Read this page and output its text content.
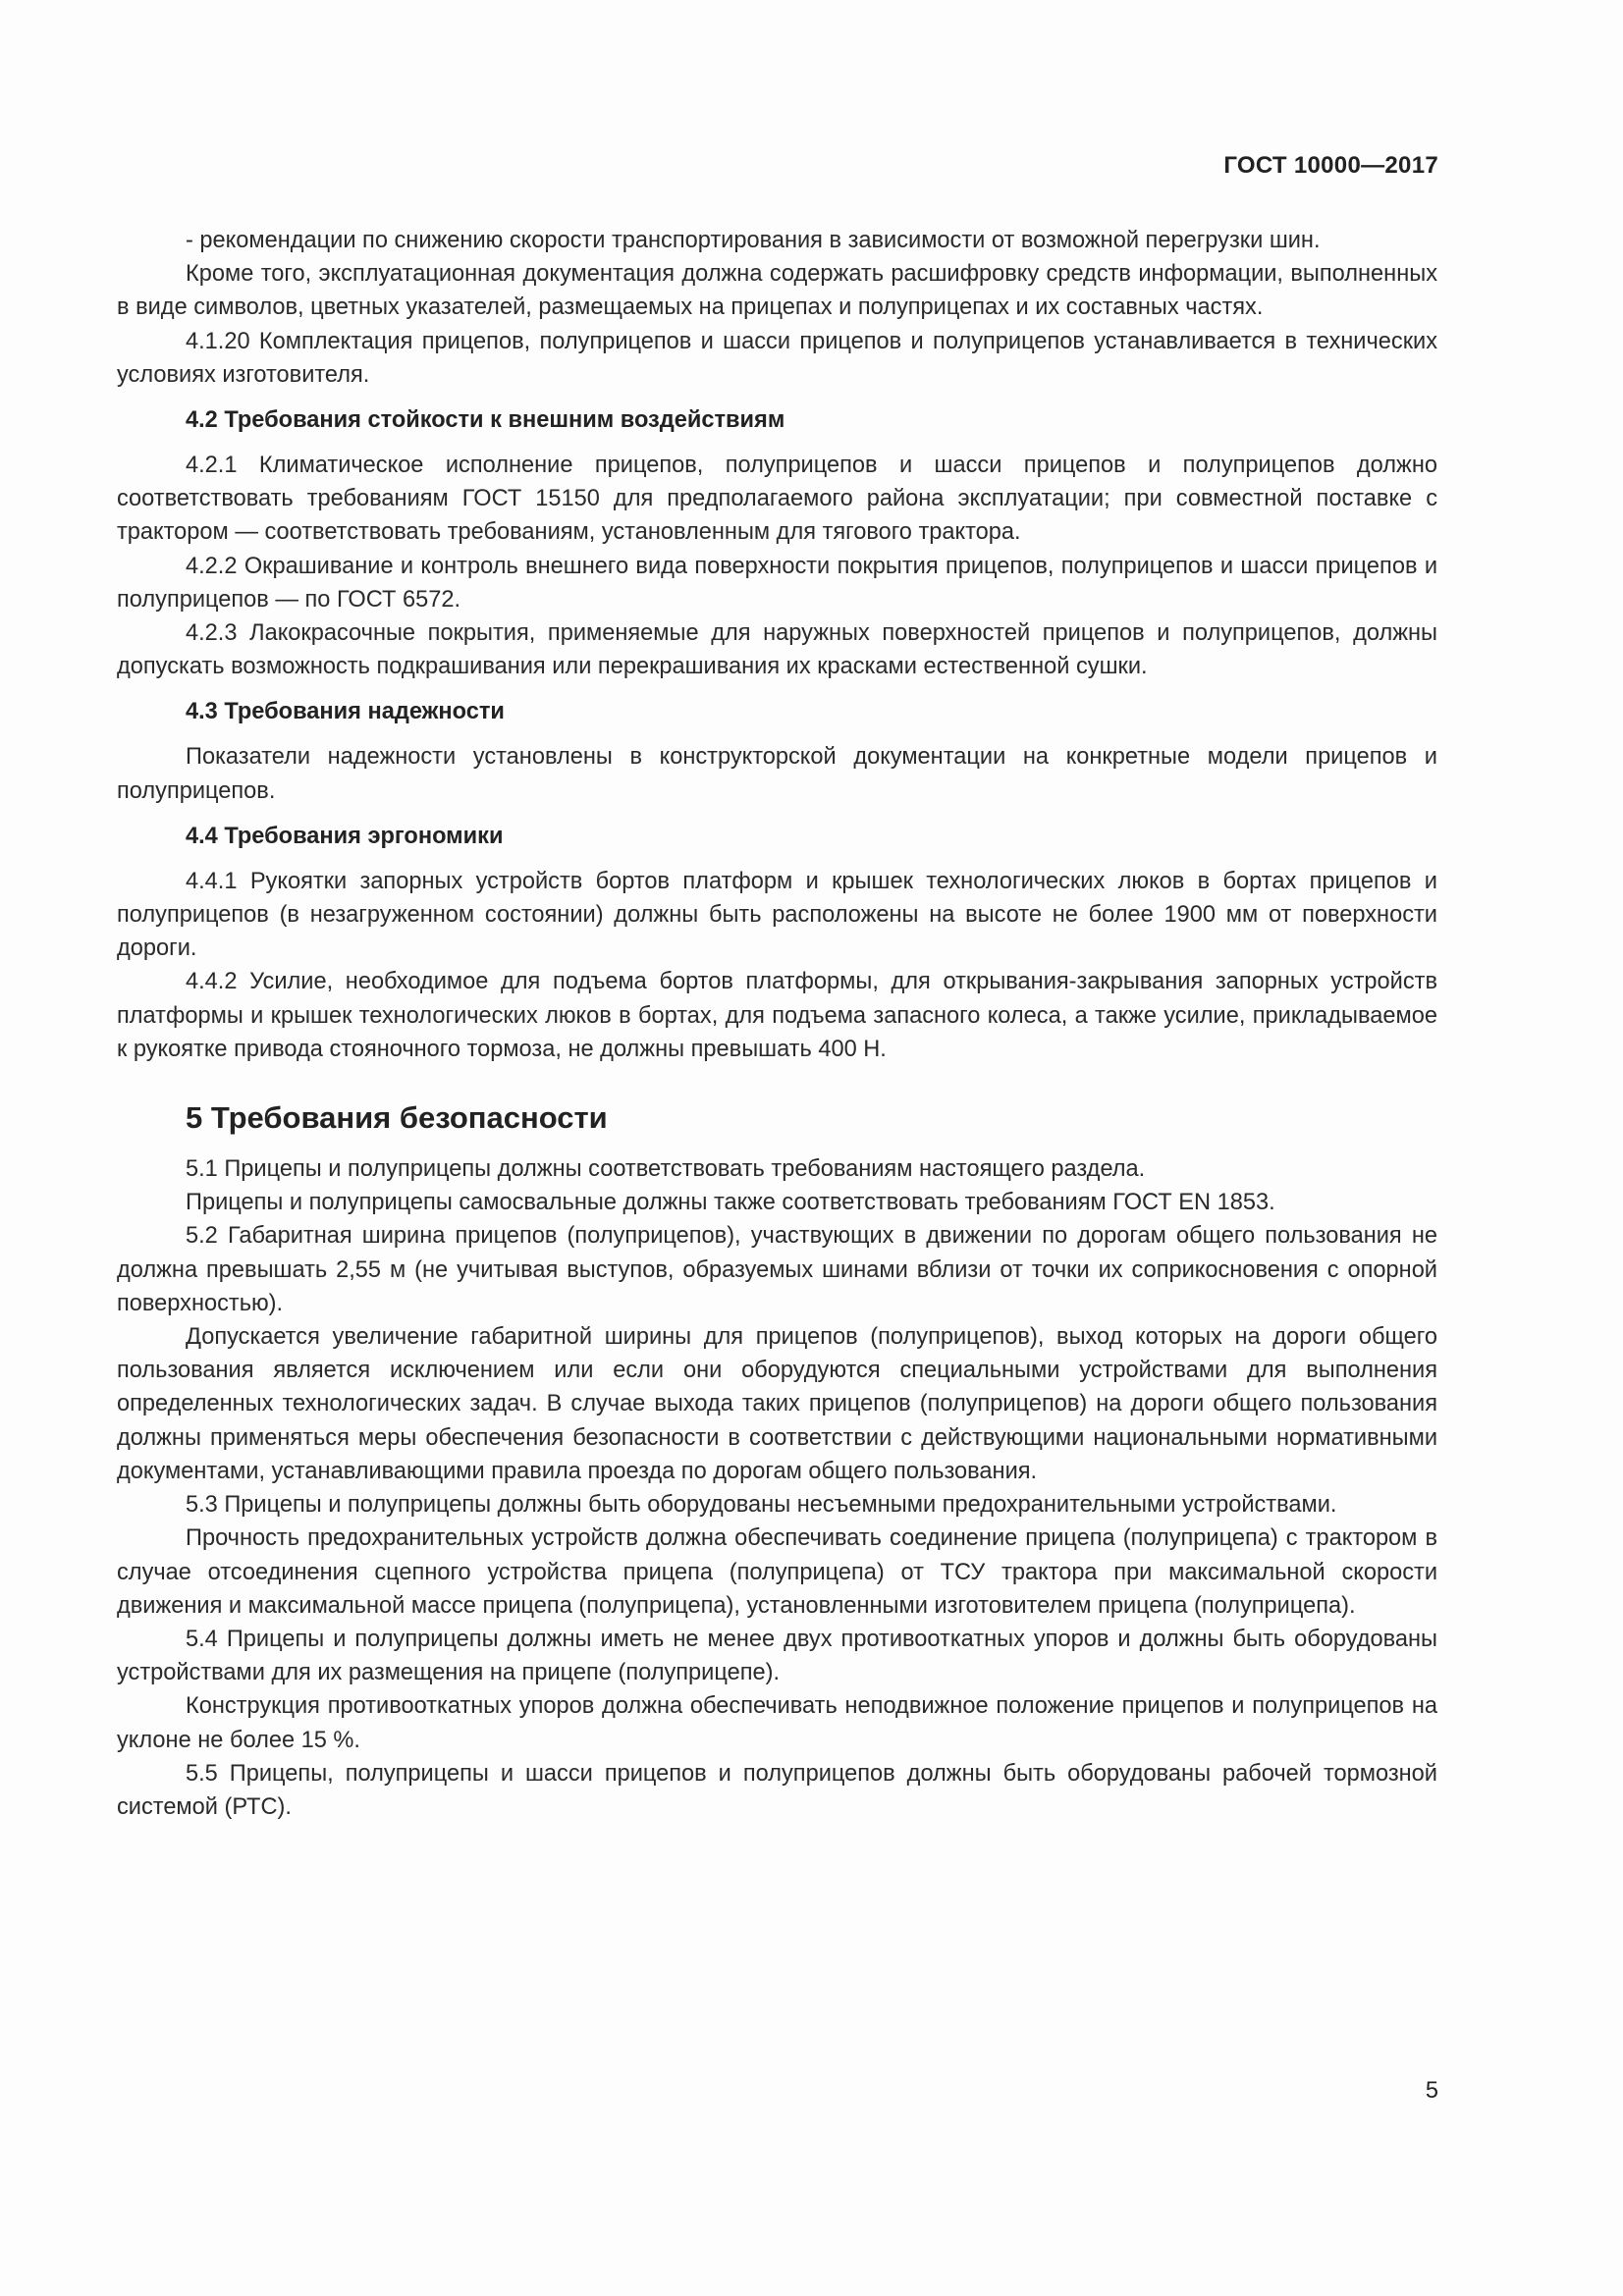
ГОСТ 10000—2017

- рекомендации по снижению скорости транспортирования в зависимости от возможной перегрузки шин.

Кроме того, эксплуатационная документация должна содержать расшифровку средств информации, выполненных в виде символов, цветных указателей, размещаемых на прицепах и полуприцепах и их составных частях.

4.1.20 Комплектация прицепов, полуприцепов и шасси прицепов и полуприцепов устанавливается в технических условиях изготовителя.

4.2 Требования стойкости к внешним воздействиям

4.2.1 Климатическое исполнение прицепов, полуприцепов и шасси прицепов и полуприцепов должно соответствовать требованиям ГОСТ 15150 для предполагаемого района эксплуатации; при совместной поставке с трактором — соответствовать требованиям, установленным для тягового трактора.

4.2.2 Окрашивание и контроль внешнего вида поверхности покрытия прицепов, полуприцепов и шасси прицепов и полуприцепов — по ГОСТ 6572.

4.2.3 Лакокрасочные покрытия, применяемые для наружных поверхностей прицепов и полуприцепов, должны допускать возможность подкрашивания или перекрашивания их красками естественной сушки.

4.3 Требования надежности

Показатели надежности установлены в конструкторской документации на конкретные модели прицепов и полуприцепов.

4.4 Требования эргономики

4.4.1 Рукоятки запорных устройств бортов платформ и крышек технологических люков в бортах прицепов и полуприцепов (в незагруженном состоянии) должны быть расположены на высоте не более 1900 мм от поверхности дороги.

4.4.2 Усилие, необходимое для подъема бортов платформы, для открывания-закрывания запорных устройств платформы и крышек технологических люков в бортах, для подъема запасного колеса, а также усилие, прикладываемое к рукоятке привода стояночного тормоза, не должны превышать 400 Н.

5 Требования безопасности

5.1 Прицепы и полуприцепы должны соответствовать требованиям настоящего раздела.

Прицепы и полуприцепы самосвальные должны также соответствовать требованиям ГОСТ EN 1853.

5.2 Габаритная ширина прицепов (полуприцепов), участвующих в движении по дорогам общего пользования не должна превышать 2,55 м (не учитывая выступов, образуемых шинами вблизи от точки их соприкосновения с опорной поверхностью).

Допускается увеличение габаритной ширины для прицепов (полуприцепов), выход которых на дороги общего пользования является исключением или если они оборудуются специальными устройствами для выполнения определенных технологических задач. В случае выхода таких прицепов (полуприцепов) на дороги общего пользования должны применяться меры обеспечения безопасности в соответствии с действующими национальными нормативными документами, устанавливающими правила проезда по дорогам общего пользования.

5.3 Прицепы и полуприцепы должны быть оборудованы несъемными предохранительными устройствами.

Прочность предохранительных устройств должна обеспечивать соединение прицепа (полуприцепа) с трактором в случае отсоединения сцепного устройства прицепа (полуприцепа) от ТСУ трактора при максимальной скорости движения и максимальной массе прицепа (полуприцепа), установленными изготовителем прицепа (полуприцепа).

5.4 Прицепы и полуприцепы должны иметь не менее двух противооткатных упоров и должны быть оборудованы устройствами для их размещения на прицепе (полуприцепе).

Конструкция противооткатных упоров должна обеспечивать неподвижное положение прицепов и полуприцепов на уклоне не более 15 %.

5.5 Прицепы, полуприцепы и шасси прицепов и полуприцепов должны быть оборудованы рабочей тормозной системой (РТС).

5
